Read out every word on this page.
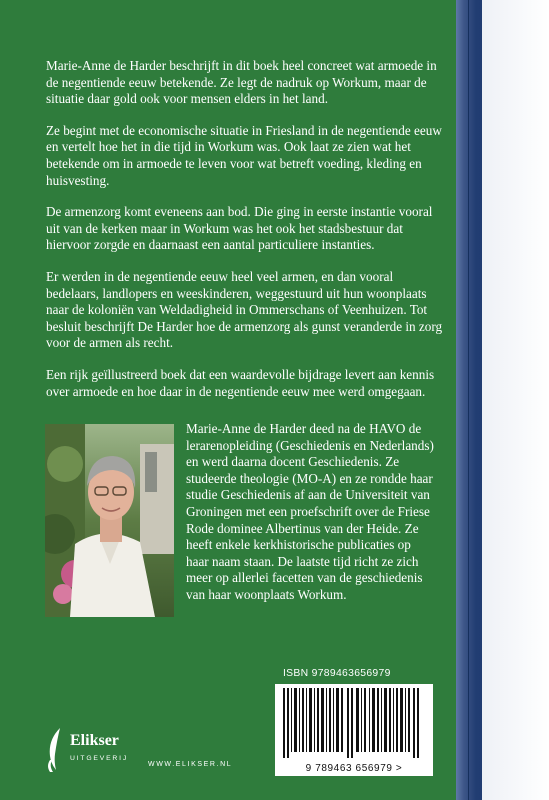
Marie-Anne de Harder beschrijft in dit boek heel concreet wat armoede in de negentiende eeuw betekende. Ze legt de nadruk op Workum, maar de situatie daar gold ook voor mensen elders in het land.

Ze begint met de economische situatie in Friesland in de negentiende eeuw en vertelt hoe het in die tijd in Workum was. Ook laat ze zien wat het betekende om in armoede te leven voor wat betreft voeding, kleding en huisvesting.

De armenzorg komt eveneens aan bod. Die ging in eerste instantie vooral uit van de kerken maar in Workum was het ook het stadsbestuur dat hiervoor zorgde en daarnaast een aantal particuliere instanties.

Er werden in de negentiende eeuw heel veel armen, en dan vooral bedelaars, landlopers en weeskinderen, weggestuurd uit hun woonplaats naar de koloniën van Weldadigheid in Ommerschans of Veenhuizen. Tot besluit beschrijft De Harder hoe de armenzorg als gunst veranderde in zorg voor de armen als recht.

Een rijk geïllustreerd boek dat een waardevolle bijdrage levert aan kennis over armoede en hoe daar in de negentiende eeuw mee werd omgegaan.

Marie-Anne de Harder deed na de HAVO de lerarenopleiding (Geschiedenis en Nederlands) en werd daarna docent Geschiedenis. Ze studeerde theologie (MO-A) en ze rondde haar studie Geschiedenis af aan de Universiteit van Groningen met een proefschrift over de Friese Rode dominee Albertinus van der Heide. Ze heeft enkele kerkhistorische publicaties op haar naam staan. De laatste tijd richt ze zich meer op allerlei facetten van de geschiedenis van haar woonplaats Workum.
ISBN 9789463656979
9 789463 656979 >
Elikser
UITGEVERIJ
WWW.ELIKSER.NL
